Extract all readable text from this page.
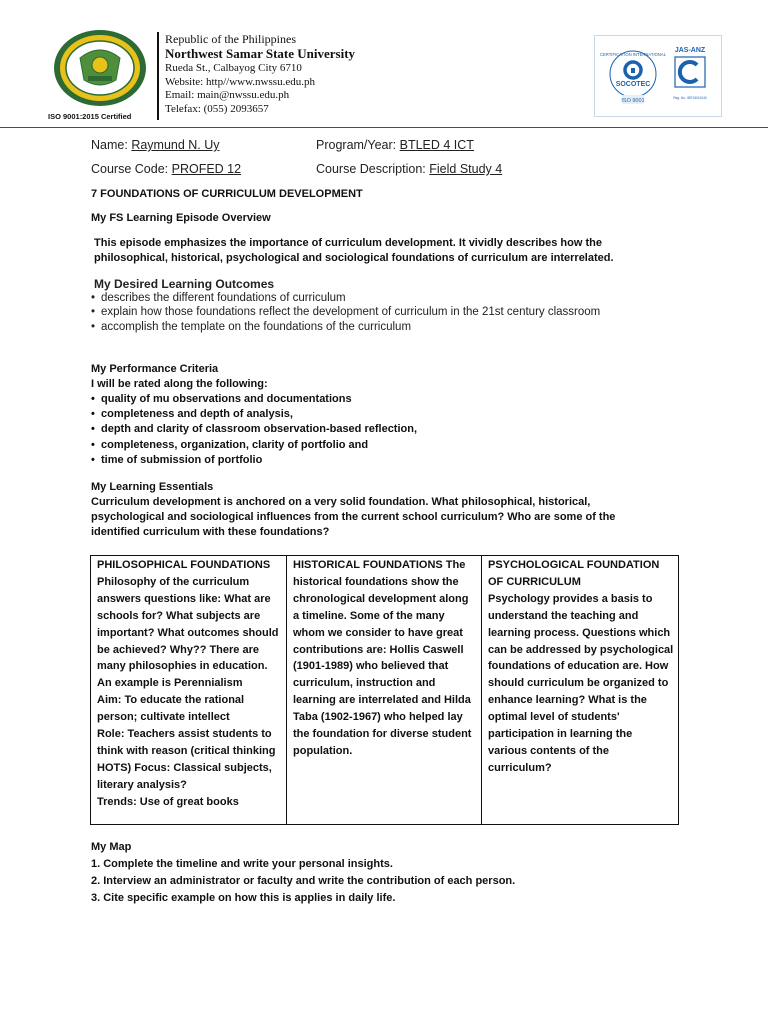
ISO 9001:2015 Certified
Republic of the Philippines
Northwest Samar State University
Rueda St., Calbayog City 6710
Website: http//www.nwssu.edu.ph
Email: main@nwssu.edu.ph
Telefax: (055) 2093657
CERTIFICATION INTERNATIONAL
SOCOTEC
ISO 9001
JAS-ANZ
Reg. No. 4BT16011040
Name: Raymund N. Uy	Program/Year: BTLED 4 ICT
Course Code: PROFED 12	Course Description: Field Study 4
7 FOUNDATIONS OF CURRICULUM DEVELOPMENT
My FS Learning Episode Overview
This episode emphasizes the importance of curriculum development. It vividly describes how the philosophical, historical, psychological and sociological foundations of curriculum are interrelated.
My Desired Learning Outcomes
• describes the different foundations of curriculum
• explain how those foundations reflect the development of curriculum in the 21st century classroom
• accomplish the template on the foundations of the curriculum
My Performance Criteria
I will be rated along the following:
• quality of mu observations and documentations
• completeness and depth of analysis,
• depth and clarity of classroom observation-based reflection,
• completeness, organization, clarity of portfolio and
• time of submission of portfolio
My Learning Essentials
Curriculum development is anchored on a very solid foundation. What philosophical, historical, psychological and sociological influences from the current school curriculum? Who are some of the identified curriculum with these foundations?
PHILOSOPHICAL FOUNDATIONS
Philosophy of the curriculum answers questions like: What are schools for? What subjects are important? What outcomes should be achieved? Why?? There are many philosophies in education. An example is Perennialism
Aim: To educate the rational person; cultivate intellect
Role: Teachers assist students to think with reason (critical thinking HOTS) Focus: Classical subjects, literary analysis?
Trends: Use of great books
HISTORICAL FOUNDATIONS The historical foundations show the chronological development along a timeline. Some of the many whom we consider to have great contributions are: Hollis Caswell (1901-1989) who believed that curriculum, instruction and learning are interrelated and Hilda Taba (1902-1967) who helped lay the foundation for diverse student population.
PSYCHOLOGICAL FOUNDATION OF CURRICULUM
Psychology provides a basis to understand the teaching and learning process. Questions which can be addressed by psychological foundations of education are. How should curriculum be organized to enhance learning? What is the optimal level of students' participation in learning the various contents of the curriculum?
My Map
1. Complete the timeline and write your personal insights.
2. Interview an administrator or faculty and write the contribution of each person.
3. Cite specific example on how this is applies in daily life.
